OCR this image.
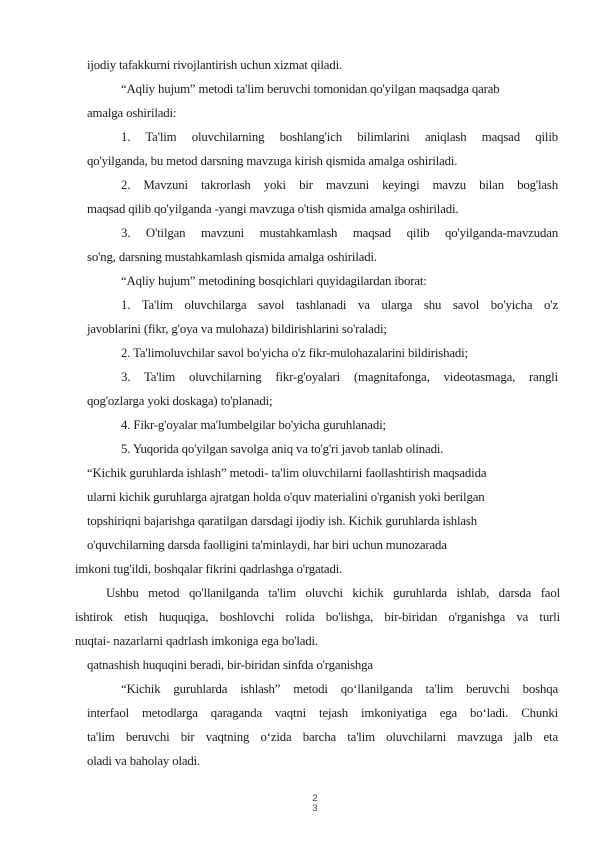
ijodiy tafakkurni rivojlantirish uchun xizmat qiladi.
“Aqliy hujum” metodi ta'lim beruvchi tomonidan qo'yilgan maqsadga qarab
amalga oshiriladi:
1. Ta'lim oluvchilarning boshlang'ich bilimlarini aniqlash maqsad qilib
qo'yilganda, bu metod darsning mavzuga kirish qismida amalga oshiriladi.
2. Mavzuni takrorlash yoki bir mavzuni keyingi mavzu bilan bog'lash
maqsad qilib qo'yilganda -yangi mavzuga o'tish qismida amalga oshiriladi.
3. O'tilgan mavzuni mustahkamlash maqsad qilib qo'yilganda-mavzudan
so'ng, darsning mustahkamlash qismida amalga oshiriladi.
“Aqliy hujum” metodining bosqichlari quyidagilardan iborat:
1. Ta'lim oluvchilarga savol tashlanadi va ularga shu savol bo'yicha o'z
javoblarini (fikr, g'oya va mulohaza) bildirishlarini so'raladi;
2. Ta'limoluvchilar savol bo'yicha o'z fikr-mulohazalarini bildirishadi;
3. Ta'lim oluvchilarning fikr-g'oyalari (magnitafonga, videotasmaga, rangli
qog'ozlarga yoki doskaga) to'planadi;
4. Fikr-g'oyalar ma'lumbelgilar bo'yicha guruhlanadi;
5. Yuqorida qo'yilgan savolga aniq va to'g'ri javob tanlab olinadi.
“Kichik guruhlarda ishlash” metodi- ta'lim oluvchilarni faollashtirish maqsadida
ularni kichik guruhlarga ajratgan holda o'quv materialini o'rganish yoki berilgan
topshiriqni bajarishga qaratilgan darsdagi ijodiy ish. Kichik guruhlarda ishlash
o'quvchilarning darsda faolligini ta'minlaydi, har biri uchun munozarada
imkoni tug'ildi, boshqalar fikrini qadrlashga o'rgatadi.
Ushbu metod qo'llanilganda ta'lim oluvchi kichik guruhlarda ishlab, darsda faol
ishtirok etish huquqiga, boshlovchi rolida bo'lishga, bir-biridan o'rganishga va turli
nuqtai- nazarlarni qadrlash imkoniga ega bo'ladi.
qatnashish huquqini beradi, bir-biridan sinfda o'rganishga
“Kichik guruhlarda ishlash” metodi qo‘llanilganda ta'lim beruvchi boshqa
interfaol metodlarga qaraganda vaqtni tejash imkoniyatiga ega bo‘ladi. Chunki
ta'lim beruvchi bir vaqtning o‘zida barcha ta'lim oluvchilarni mavzuga jalb eta
oladi va baholay oladi.
2
3
